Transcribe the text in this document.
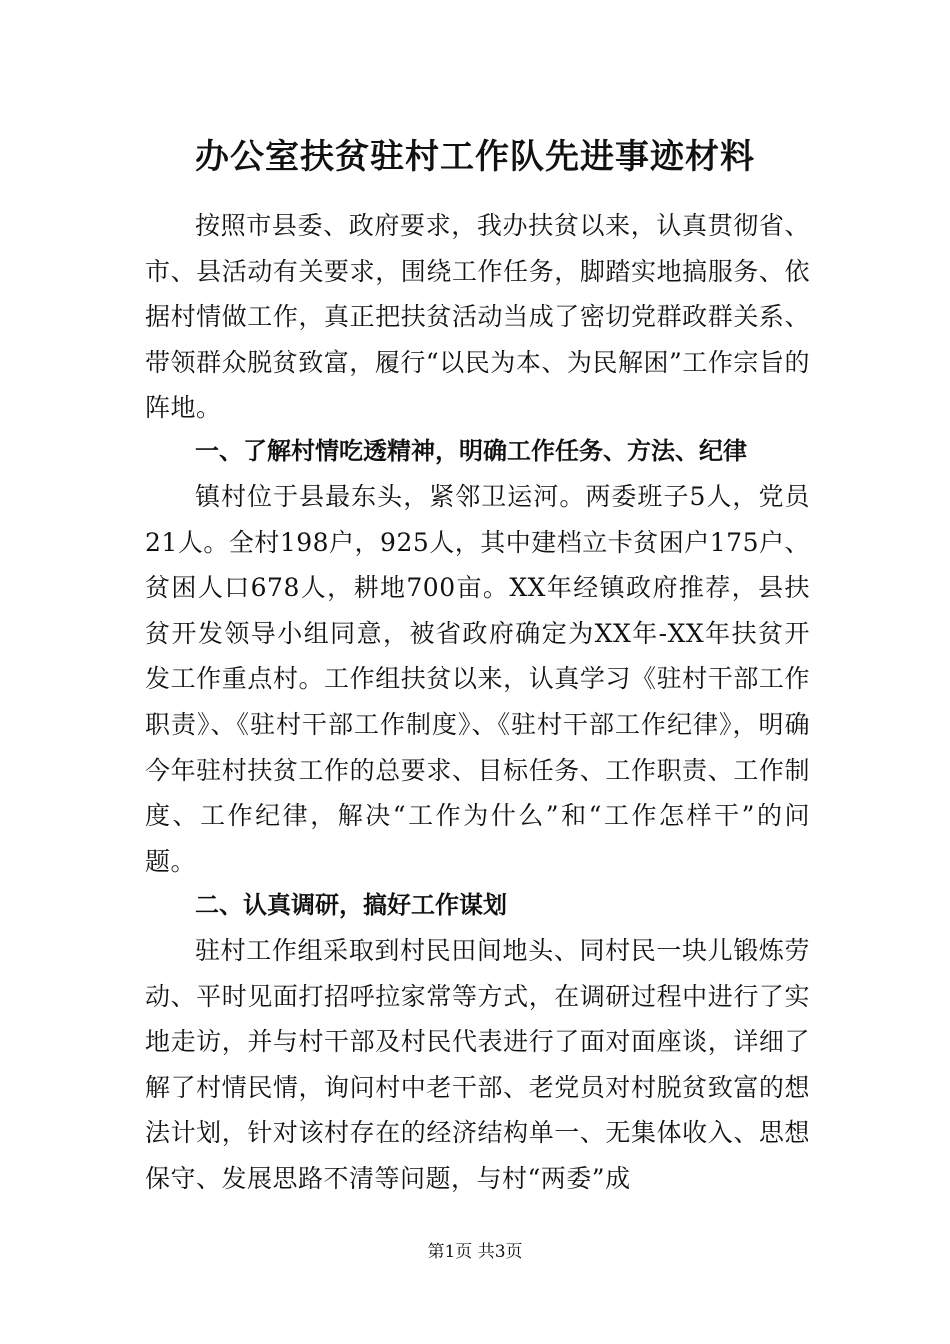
办公室扶贫驻村工作队先进事迹材料

按照市县委、政府要求，我办扶贫以来，认真贯彻省、市、县活动有关要求，围绕工作任务，脚踏实地搞服务、依据村情做工作，真正把扶贫活动当成了密切党群政群关系、带领群众脱贫致富，履行“以民为本、为民解困”工作宗旨的阵地。

一、了解村情吃透精神，明确工作任务、方法、纪律

镇村位于县最东头，紧邻卫运河。两委班子5人，党员21人。全村198户，925人，其中建档立卡贫困户175户、贫困人口678人，耕地700亩。XX年经镇政府推荐，县扶贫开发领导小组同意，被省政府确定为XX年-XX年扶贫开发工作重点村。工作组扶贫以来，认真学习《驻村干部工作职责》、《驻村干部工作制度》、《驻村干部工作纪律》，明确今年驻村扶贫工作的总要求、目标任务、工作职责、工作制度、工作纪律，解决“工作为什么”和“工作怎样干”的问题。

二、认真调研，搞好工作谋划

驻村工作组采取到村民田间地头、同村民一块儿锻炼劳动、平时见面打招呼拉家常等方式，在调研过程中进行了实地走访，并与村干部及村民代表进行了面对面座谈，详细了解了村情民情，询问村中老干部、老党员对村脱贫致富的想法计划，针对该村存在的经济结构单一、无集体收入、思想保守、发展思路不清等问题，与村“两委”成

第1页 共3页
